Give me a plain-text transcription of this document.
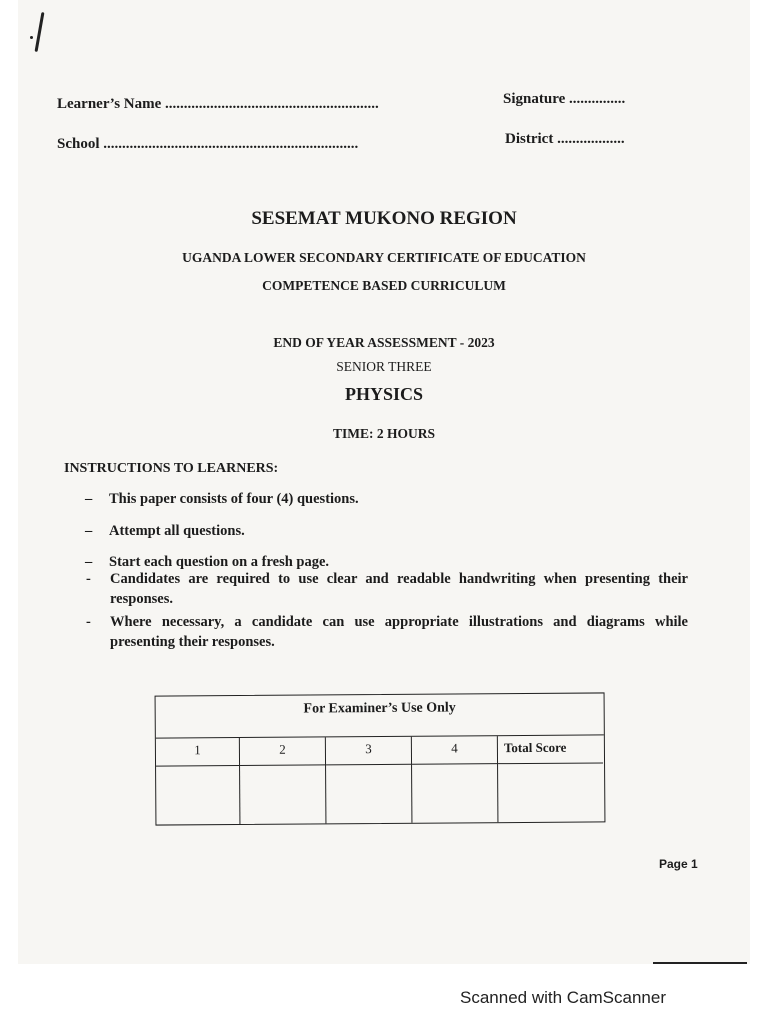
Learner’s Name .........................................................	Signature ...............
School ....................................................................	District ..................
SESEMAT MUKONO REGION
UGANDA LOWER SECONDARY CERTIFICATE OF EDUCATION
COMPETENCE BASED CURRICULUM
END OF YEAR ASSESSMENT - 2023
SENIOR THREE
PHYSICS
TIME: 2 HOURS
INSTRUCTIONS TO LEARNERS:
– This paper consists of four (4) questions.
– Attempt all questions.
– Start each question on a fresh page.
- Candidates are required to use clear and readable handwriting when presenting their responses.
- Where necessary, a candidate can use appropriate illustrations and diagrams while presenting their responses.
For Examiner’s Use Only
1	2	3	4	Total Score
Page 1
Scanned with CamScanner
